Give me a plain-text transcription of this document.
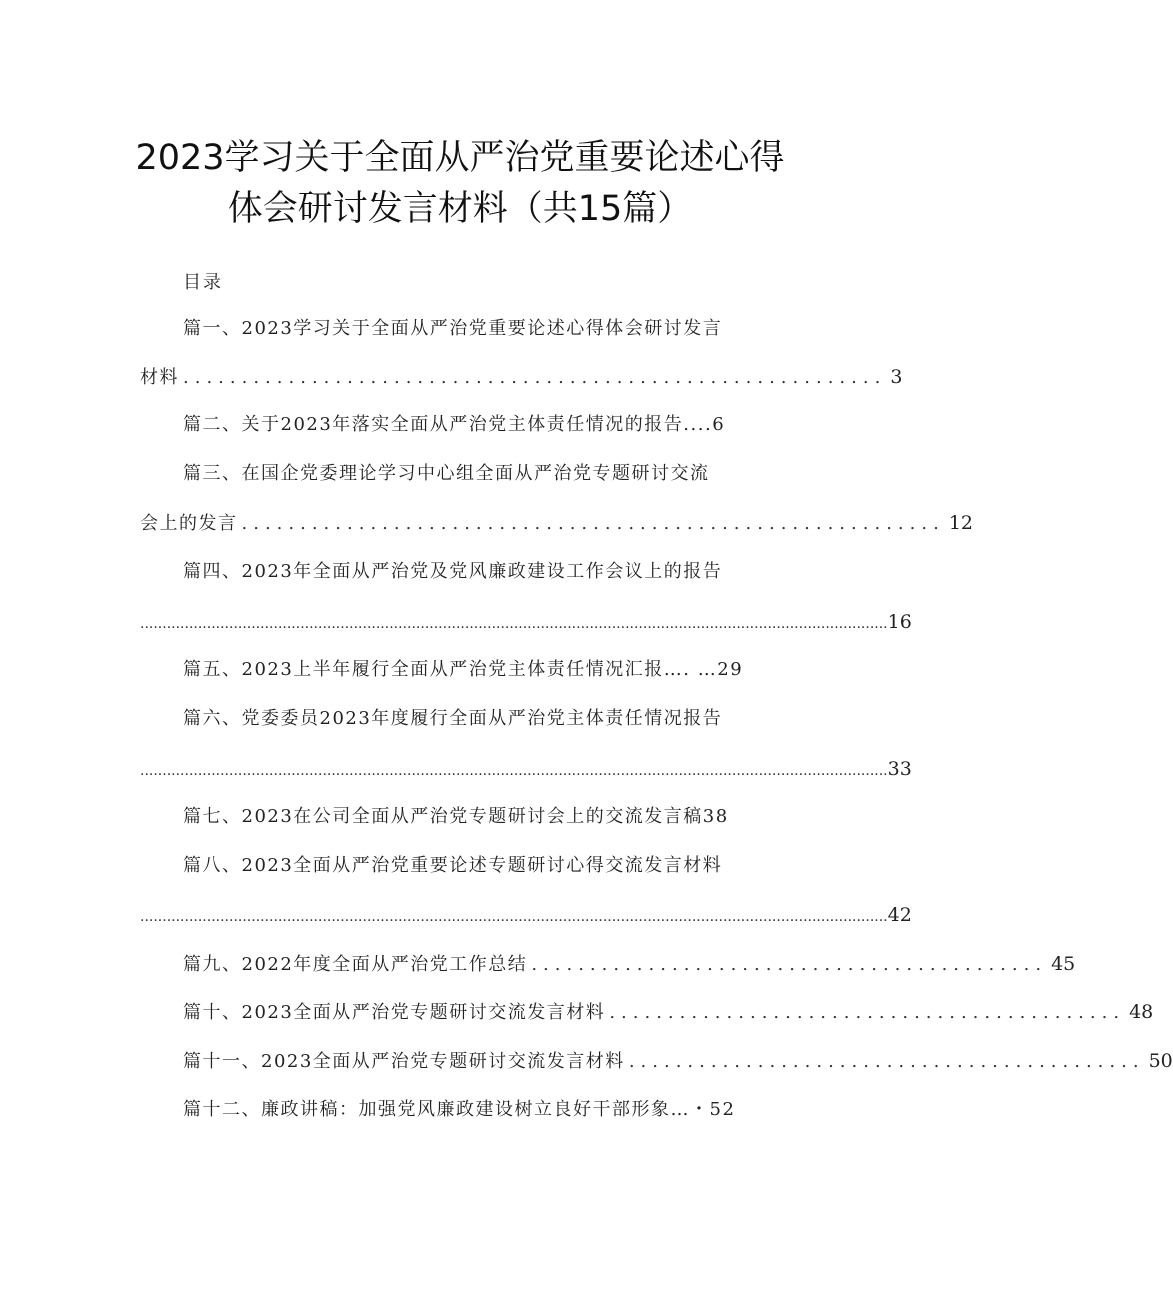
2023学习关于全面从严治党重要论述心得
体会研讨发言材料（共15篇）
目录
篇一、2023学习关于全面从严治党重要论述心得体会研讨发言
材料 ............................................................ 3
篇二、关于2023年落实全面从严治党主体责任情况的报告....6
篇三、在国企党委理论学习中心组全面从严治党专题研讨交流
会上的发言 ............................................................ 12
篇四、2023年全面从严治党及党风廉政建设工作会议上的报告
........................................................................................................................................................................ 16
篇五、2023上半年履行全面从严治党主体责任情况汇报…. …29
篇六、党委委员2023年度履行全面从严治党主体责任情况报告
........................................................................................................................................................................ 33
篇七、2023在公司全面从严治党专题研讨会上的交流发言稿38
篇八、2023全面从严治党重要论述专题研讨心得交流发言材料
........................................................................................................................................................................ 42
篇九、2022年度全面从严治党工作总结 ............................................ 45
篇十、2023全面从严治党专题研讨交流发言材料 ............................................ 48
篇十一、2023全面从严治党专题研讨交流发言材料 ............................................ 50
篇十二、廉政讲稿：加强党风廉政建设树立良好干部形象…・52
